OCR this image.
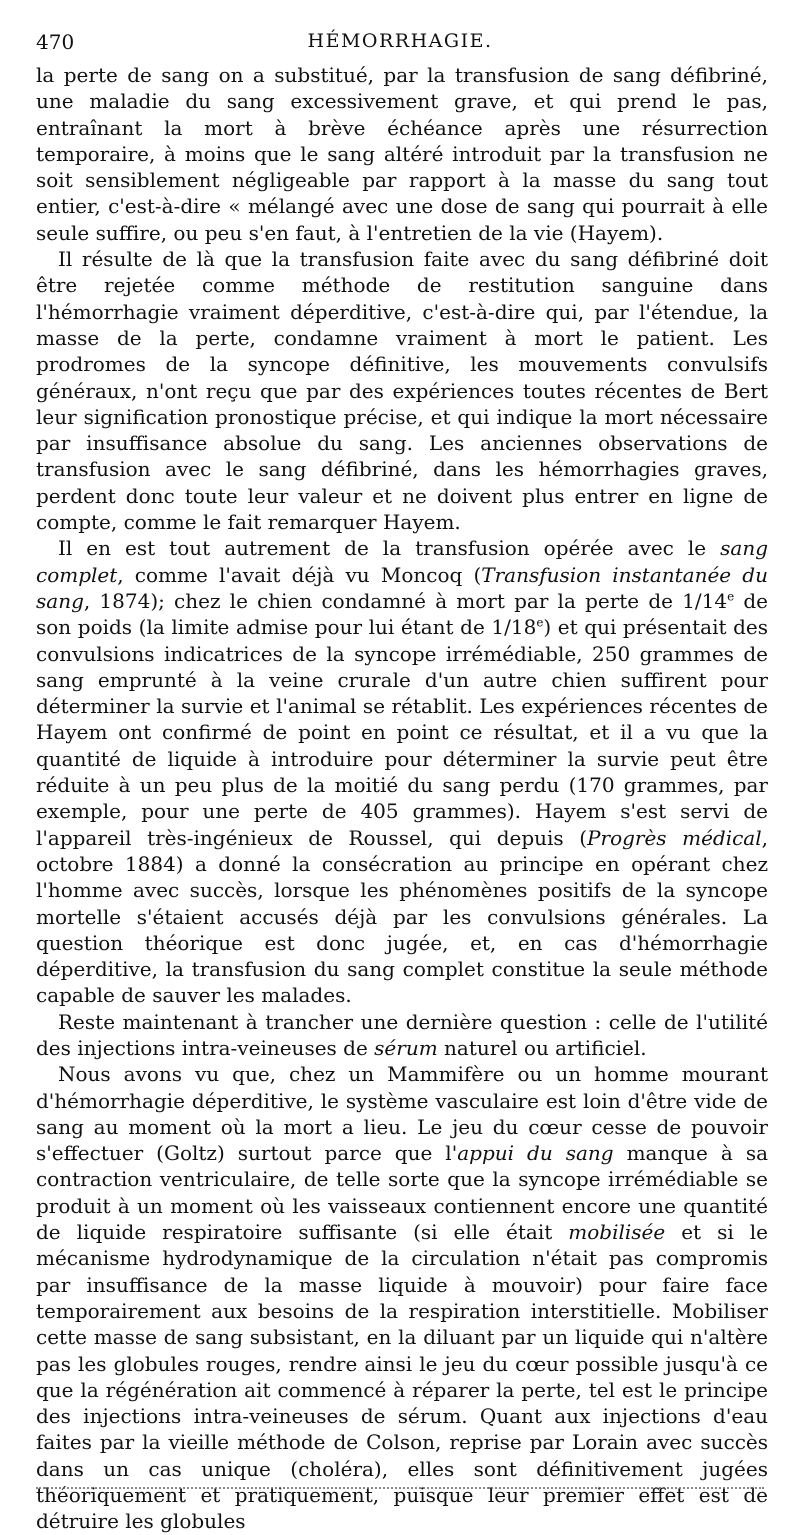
470	HÉMORRHAGIE.

la perte de sang on a substitué, par la transfusion de sang défibriné, une maladie du sang excessivement grave, et qui prend le pas, entraînant la mort à brève échéance après une résurrection temporaire, à moins que le sang altéré introduit par la transfusion ne soit sensiblement négligeable par rapport à la masse du sang tout entier, c'est-à-dire « mélangé avec une dose de sang qui pourrait à elle seule suffire, ou peu s'en faut, à l'entretien de la vie (Hayem).

Il résulte de là que la transfusion faite avec du sang défibriné doit être rejetée comme méthode de restitution sanguine dans l'hémorrhagie vraiment déperditive, c'est-à-dire qui, par l'étendue, la masse de la perte, condamne vraiment à mort le patient. Les prodromes de la syncope définitive, les mouvements convulsifs généraux, n'ont reçu que par des expériences toutes récentes de Bert leur signification pronostique précise, et qui indique la mort nécessaire par insuffisance absolue du sang. Les anciennes observations de transfusion avec le sang défibriné, dans les hémorrhagies graves, perdent donc toute leur valeur et ne doivent plus entrer en ligne de compte, comme le fait remarquer Hayem.

Il en est tout autrement de la transfusion opérée avec le sang complet, comme l'avait déjà vu Moncoq (Transfusion instantanée du sang, 1874); chez le chien condamné à mort par la perte de 1/14e de son poids (la limite admise pour lui étant de 1/18e) et qui présentait des convulsions indicatrices de la syncope irrémédiable, 250 grammes de sang emprunté à la veine crurale d'un autre chien suffirent pour déterminer la survie et l'animal se rétablit. Les expériences récentes de Hayem ont confirmé de point en point ce résultat, et il a vu que la quantité de liquide à introduire pour déterminer la survie peut être réduite à un peu plus de la moitié du sang perdu (170 grammes, par exemple, pour une perte de 405 grammes). Hayem s'est servi de l'appareil très-ingénieux de Roussel, qui depuis (Progrès médical, octobre 1884) a donné la consécration au principe en opérant chez l'homme avec succès, lorsque les phénomènes positifs de la syncope mortelle s'étaient accusés déjà par les convulsions générales. La question théorique est donc jugée, et, en cas d'hémorrhagie déperditive, la transfusion du sang complet constitue la seule méthode capable de sauver les malades.

Reste maintenant à trancher une dernière question : celle de l'utilité des injections intra-veineuses de sérum naturel ou artificiel.

Nous avons vu que, chez un Mammifère ou un homme mourant d'hémorrhagie déperditive, le système vasculaire est loin d'être vide de sang au moment où la mort a lieu. Le jeu du cœur cesse de pouvoir s'effectuer (Goltz) surtout parce que l'appui du sang manque à sa contraction ventriculaire, de telle sorte que la syncope irrémédiable se produit à un moment où les vaisseaux contiennent encore une quantité de liquide respiratoire suffisante (si elle était mobilisée et si le mécanisme hydrodynamique de la circulation n'était pas compromis par insuffisance de la masse liquide à mouvoir) pour faire face temporairement aux besoins de la respiration interstitielle. Mobiliser cette masse de sang subsistant, en la diluant par un liquide qui n'altère pas les globules rouges, rendre ainsi le jeu du cœur possible jusqu'à ce que la régénération ait commencé à réparer la perte, tel est le principe des injections intra-veineuses de sérum. Quant aux injections d'eau faites par la vieille méthode de Colson, reprise par Lorain avec succès dans un cas unique (choléra), elles sont définitivement jugées théoriquement et pratiquement, puisque leur premier effet est de détruire les globules
